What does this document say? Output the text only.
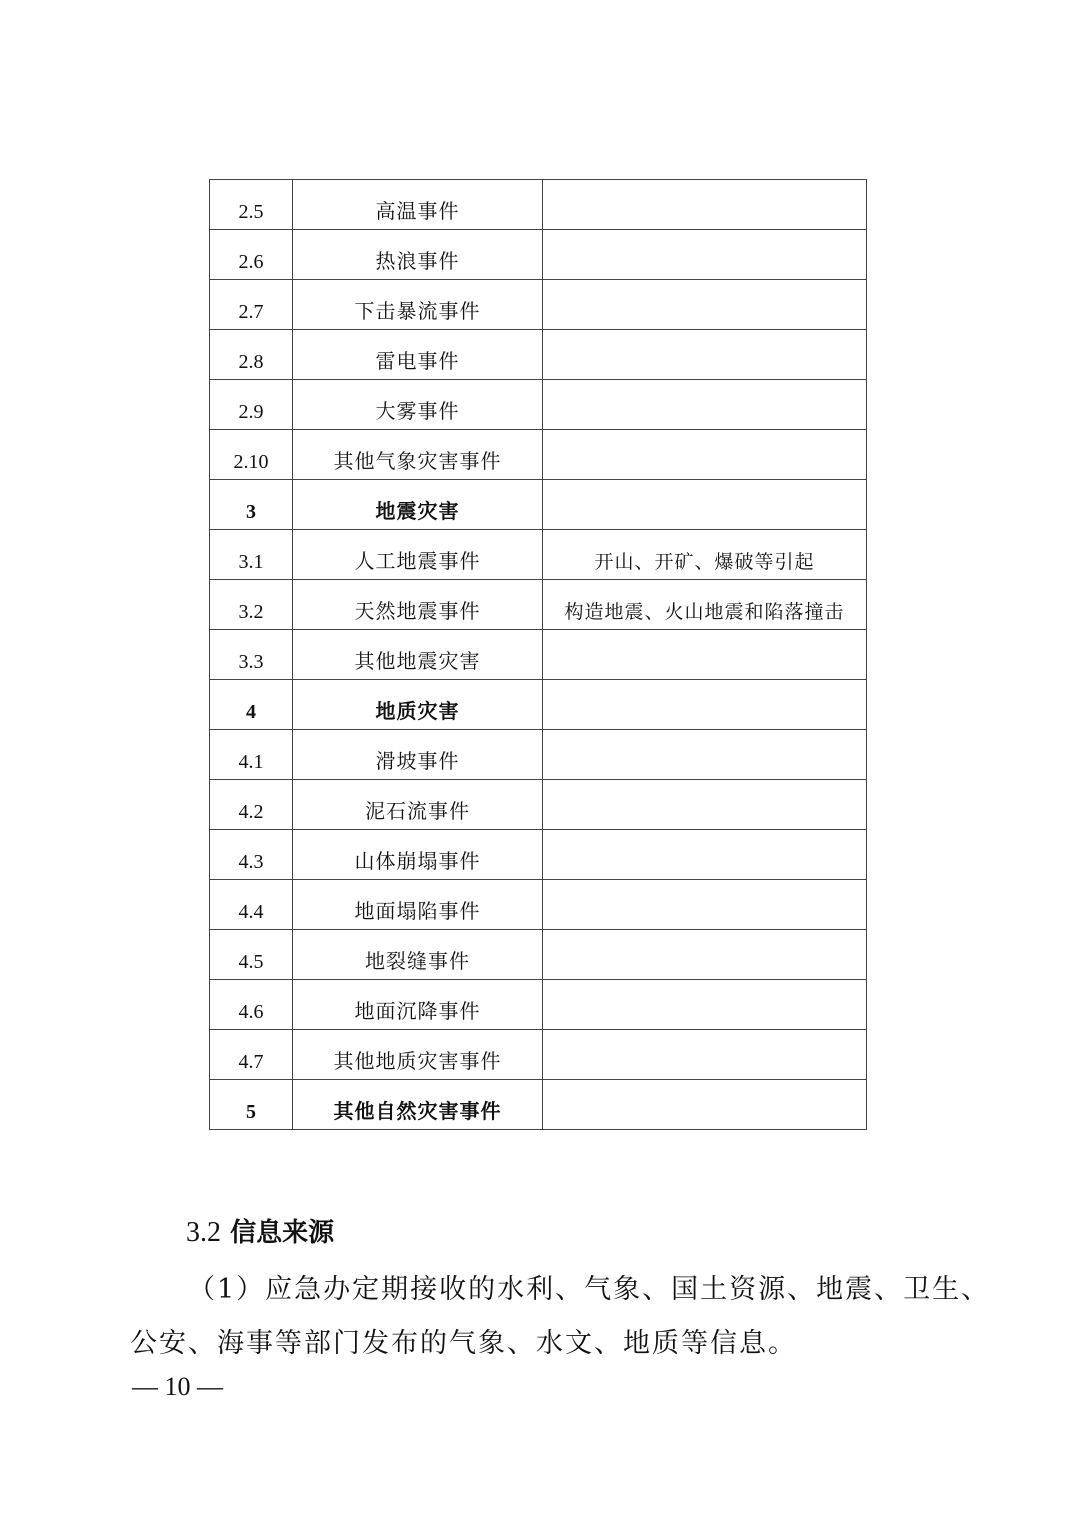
2.5	高温事件	
2.6	热浪事件	
2.7	下击暴流事件	
2.8	雷电事件	
2.9	大雾事件	
2.10	其他气象灾害事件	
3	地震灾害	
3.1	人工地震事件	开山、开矿、爆破等引起
3.2	天然地震事件	构造地震、火山地震和陷落撞击
3.3	其他地震灾害	
4	地质灾害	
4.1	滑坡事件	
4.2	泥石流事件	
4.3	山体崩塌事件	
4.4	地面塌陷事件	
4.5	地裂缝事件	
4.6	地面沉降事件	
4.7	其他地质灾害事件	
5	其他自然灾害事件	
3.2 信息来源
（1）应急办定期接收的水利、气象、国土资源、地震、卫生、
公安、海事等部门发布的气象、水文、地质等信息。
— 10 —
